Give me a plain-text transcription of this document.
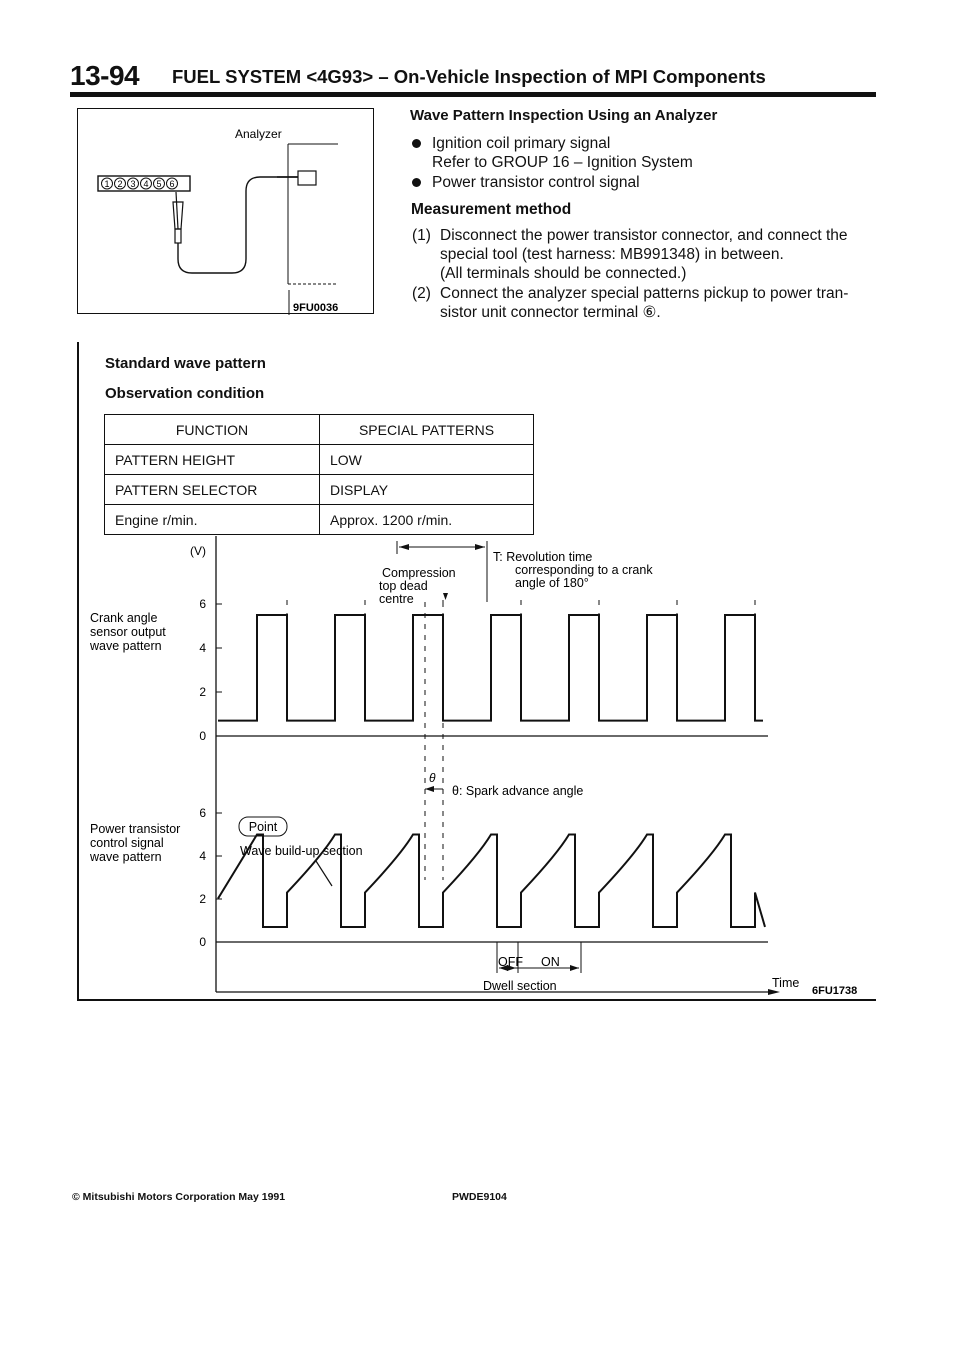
13-94 FUEL SYSTEM <4G93> – On-Vehicle Inspection of MPI Components
Analyzer
1 2 3 4 5 6
9FU0036
Wave Pattern Inspection Using an Analyzer
Ignition coil primary signal
Refer to GROUP 16 – Ignition System
Power transistor control signal
Measurement method
(1) Disconnect the power transistor connector, and connect the
special tool (test harness: MB991348) in between.
(All terminals should be connected.)
(2) Connect the analyzer special patterns pickup to power tran-
sistor unit connector terminal ⑥.
Standard wave pattern
Observation condition
FUNCTION	SPECIAL PATTERNS
PATTERN HEIGHT	LOW
PATTERN SELECTOR	DISPLAY
Engine r/min.	Approx. 1200 r/min.
(V)
Crank angle
sensor output
wave pattern
Power transistor
control signal
wave pattern
0
2
4
6
0
2
4
6
Compression
top dead
centre
T: Revolution time
corresponding to a crank
angle of 180°
θ
θ: Spark advance angle
Point
Wave build-up section
OFF ON
Dwell section	Time
6FU1738
© Mitsubishi Motors Corporation May 1991	PWDE9104
